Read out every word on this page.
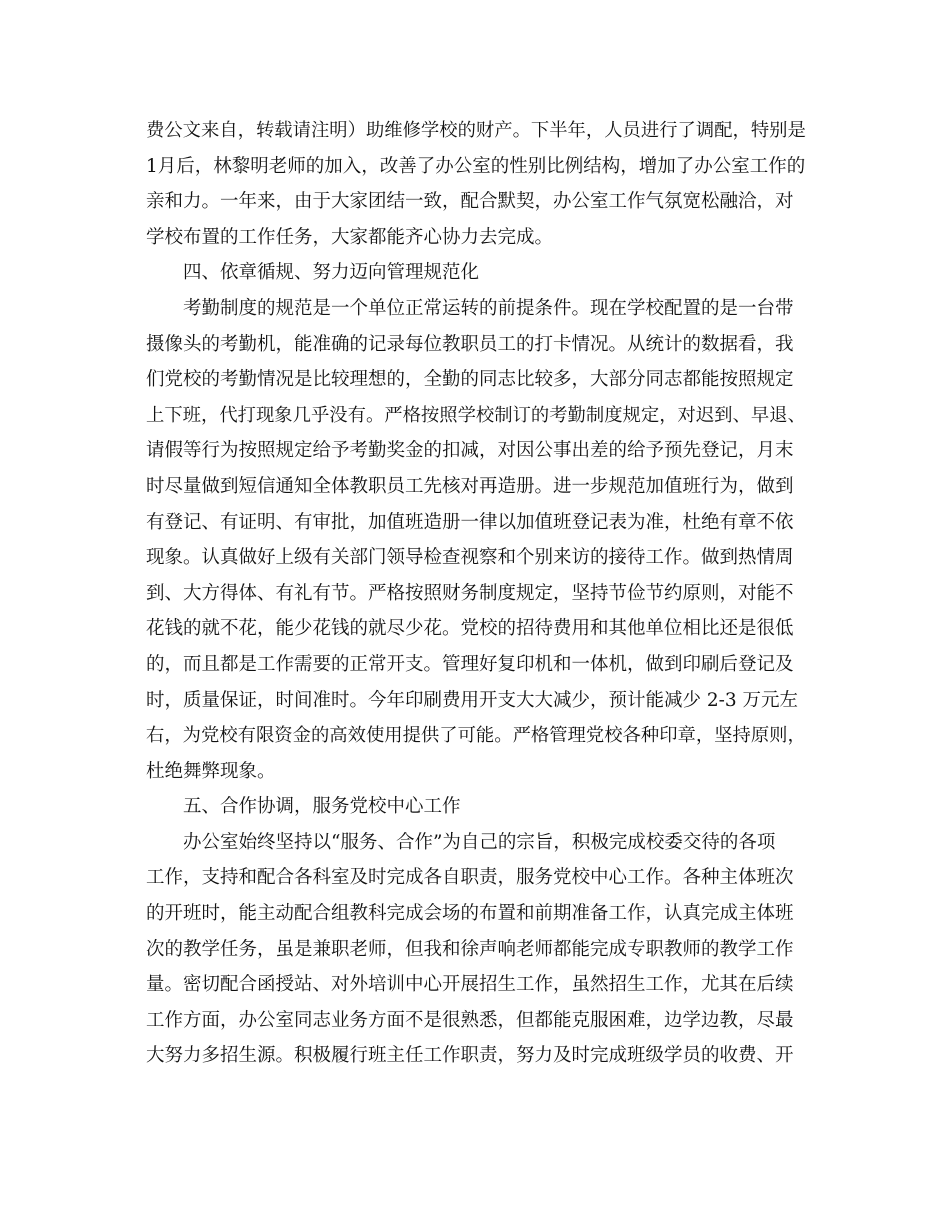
费公文来自，转载请注明）助维修学校的财产。下半年，人员进行了调配，特别是
1月后，林黎明老师的加入，改善了办公室的性别比例结构，增加了办公室工作的
亲和力。一年来，由于大家团结一致，配合默契，办公室工作气氛宽松融洽，对
学校布置的工作任务，大家都能齐心协力去完成。
四、依章循规、努力迈向管理规范化
考勤制度的规范是一个单位正常运转的前提条件。现在学校配置的是一台带
摄像头的考勤机，能准确的记录每位教职员工的打卡情况。从统计的数据看，我
们党校的考勤情况是比较理想的，全勤的同志比较多，大部分同志都能按照规定
上下班，代打现象几乎没有。严格按照学校制订的考勤制度规定，对迟到、早退、
请假等行为按照规定给予考勤奖金的扣减，对因公事出差的给予预先登记，月末
时尽量做到短信通知全体教职员工先核对再造册。进一步规范加值班行为，做到
有登记、有证明、有审批，加值班造册一律以加值班登记表为准，杜绝有章不依
现象。认真做好上级有关部门领导检查视察和个别来访的接待工作。做到热情周
到、大方得体、有礼有节。严格按照财务制度规定，坚持节俭节约原则，对能不
花钱的就不花，能少花钱的就尽少花。党校的招待费用和其他单位相比还是很低
的，而且都是工作需要的正常开支。管理好复印机和一体机，做到印刷后登记及
时，质量保证，时间准时。今年印刷费用开支大大减少，预计能减少 2-3 万元左
右，为党校有限资金的高效使用提供了可能。严格管理党校各种印章，坚持原则，
杜绝舞弊现象。
五、合作协调，服务党校中心工作
办公室始终坚持以“服务、合作”为自己的宗旨，积极完成校委交待的各项
工作，支持和配合各科室及时完成各自职责，服务党校中心工作。各种主体班次
的开班时，能主动配合组教科完成会场的布置和前期准备工作，认真完成主体班
次的教学任务，虽是兼职老师，但我和徐声响老师都能完成专职教师的教学工作
量。密切配合函授站、对外培训中心开展招生工作，虽然招生工作，尤其在后续
工作方面，办公室同志业务方面不是很熟悉，但都能克服困难，边学边教，尽最
大努力多招生源。积极履行班主任工作职责，努力及时完成班级学员的收费、开
